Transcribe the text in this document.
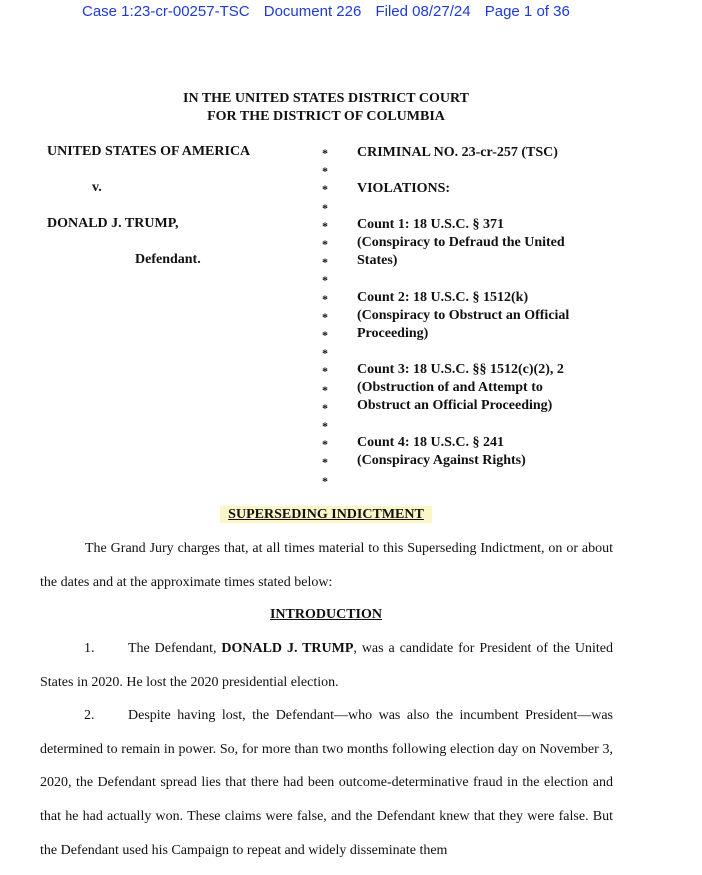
Case 1:23-cr-00257-TSC Document 226 Filed 08/27/24 Page 1 of 36
IN THE UNITED STATES DISTRICT COURT
FOR THE DISTRICT OF COLUMBIA
UNITED STATES OF AMERICA
v.
DONALD J. TRUMP,
Defendant.
*
*
*
*
*
*
*
*
*
*
*
*
*
*
*
*
*
*
*
CRIMINAL NO. 23-cr-257 (TSC)
VIOLATIONS:
Count 1: 18 U.S.C. § 371
(Conspiracy to Defraud the United
States)
Count 2: 18 U.S.C. § 1512(k)
(Conspiracy to Obstruct an Official
Proceeding)
Count 3: 18 U.S.C. §§ 1512(c)(2), 2
(Obstruction of and Attempt to
Obstruct an Official Proceeding)
Count 4: 18 U.S.C. § 241
(Conspiracy Against Rights)
SUPERSEDING INDICTMENT
The Grand Jury charges that, at all times material to this Superseding Indictment, on or about the dates and at the approximate times stated below:
INTRODUCTION
1. The Defendant, DONALD J. TRUMP, was a candidate for President of the United States in 2020. He lost the 2020 presidential election.
2. Despite having lost, the Defendant—who was also the incumbent President—was determined to remain in power. So, for more than two months following election day on November 3, 2020, the Defendant spread lies that there had been outcome-determinative fraud in the election and that he had actually won. These claims were false, and the Defendant knew that they were false. But the Defendant used his Campaign to repeat and widely disseminate them
